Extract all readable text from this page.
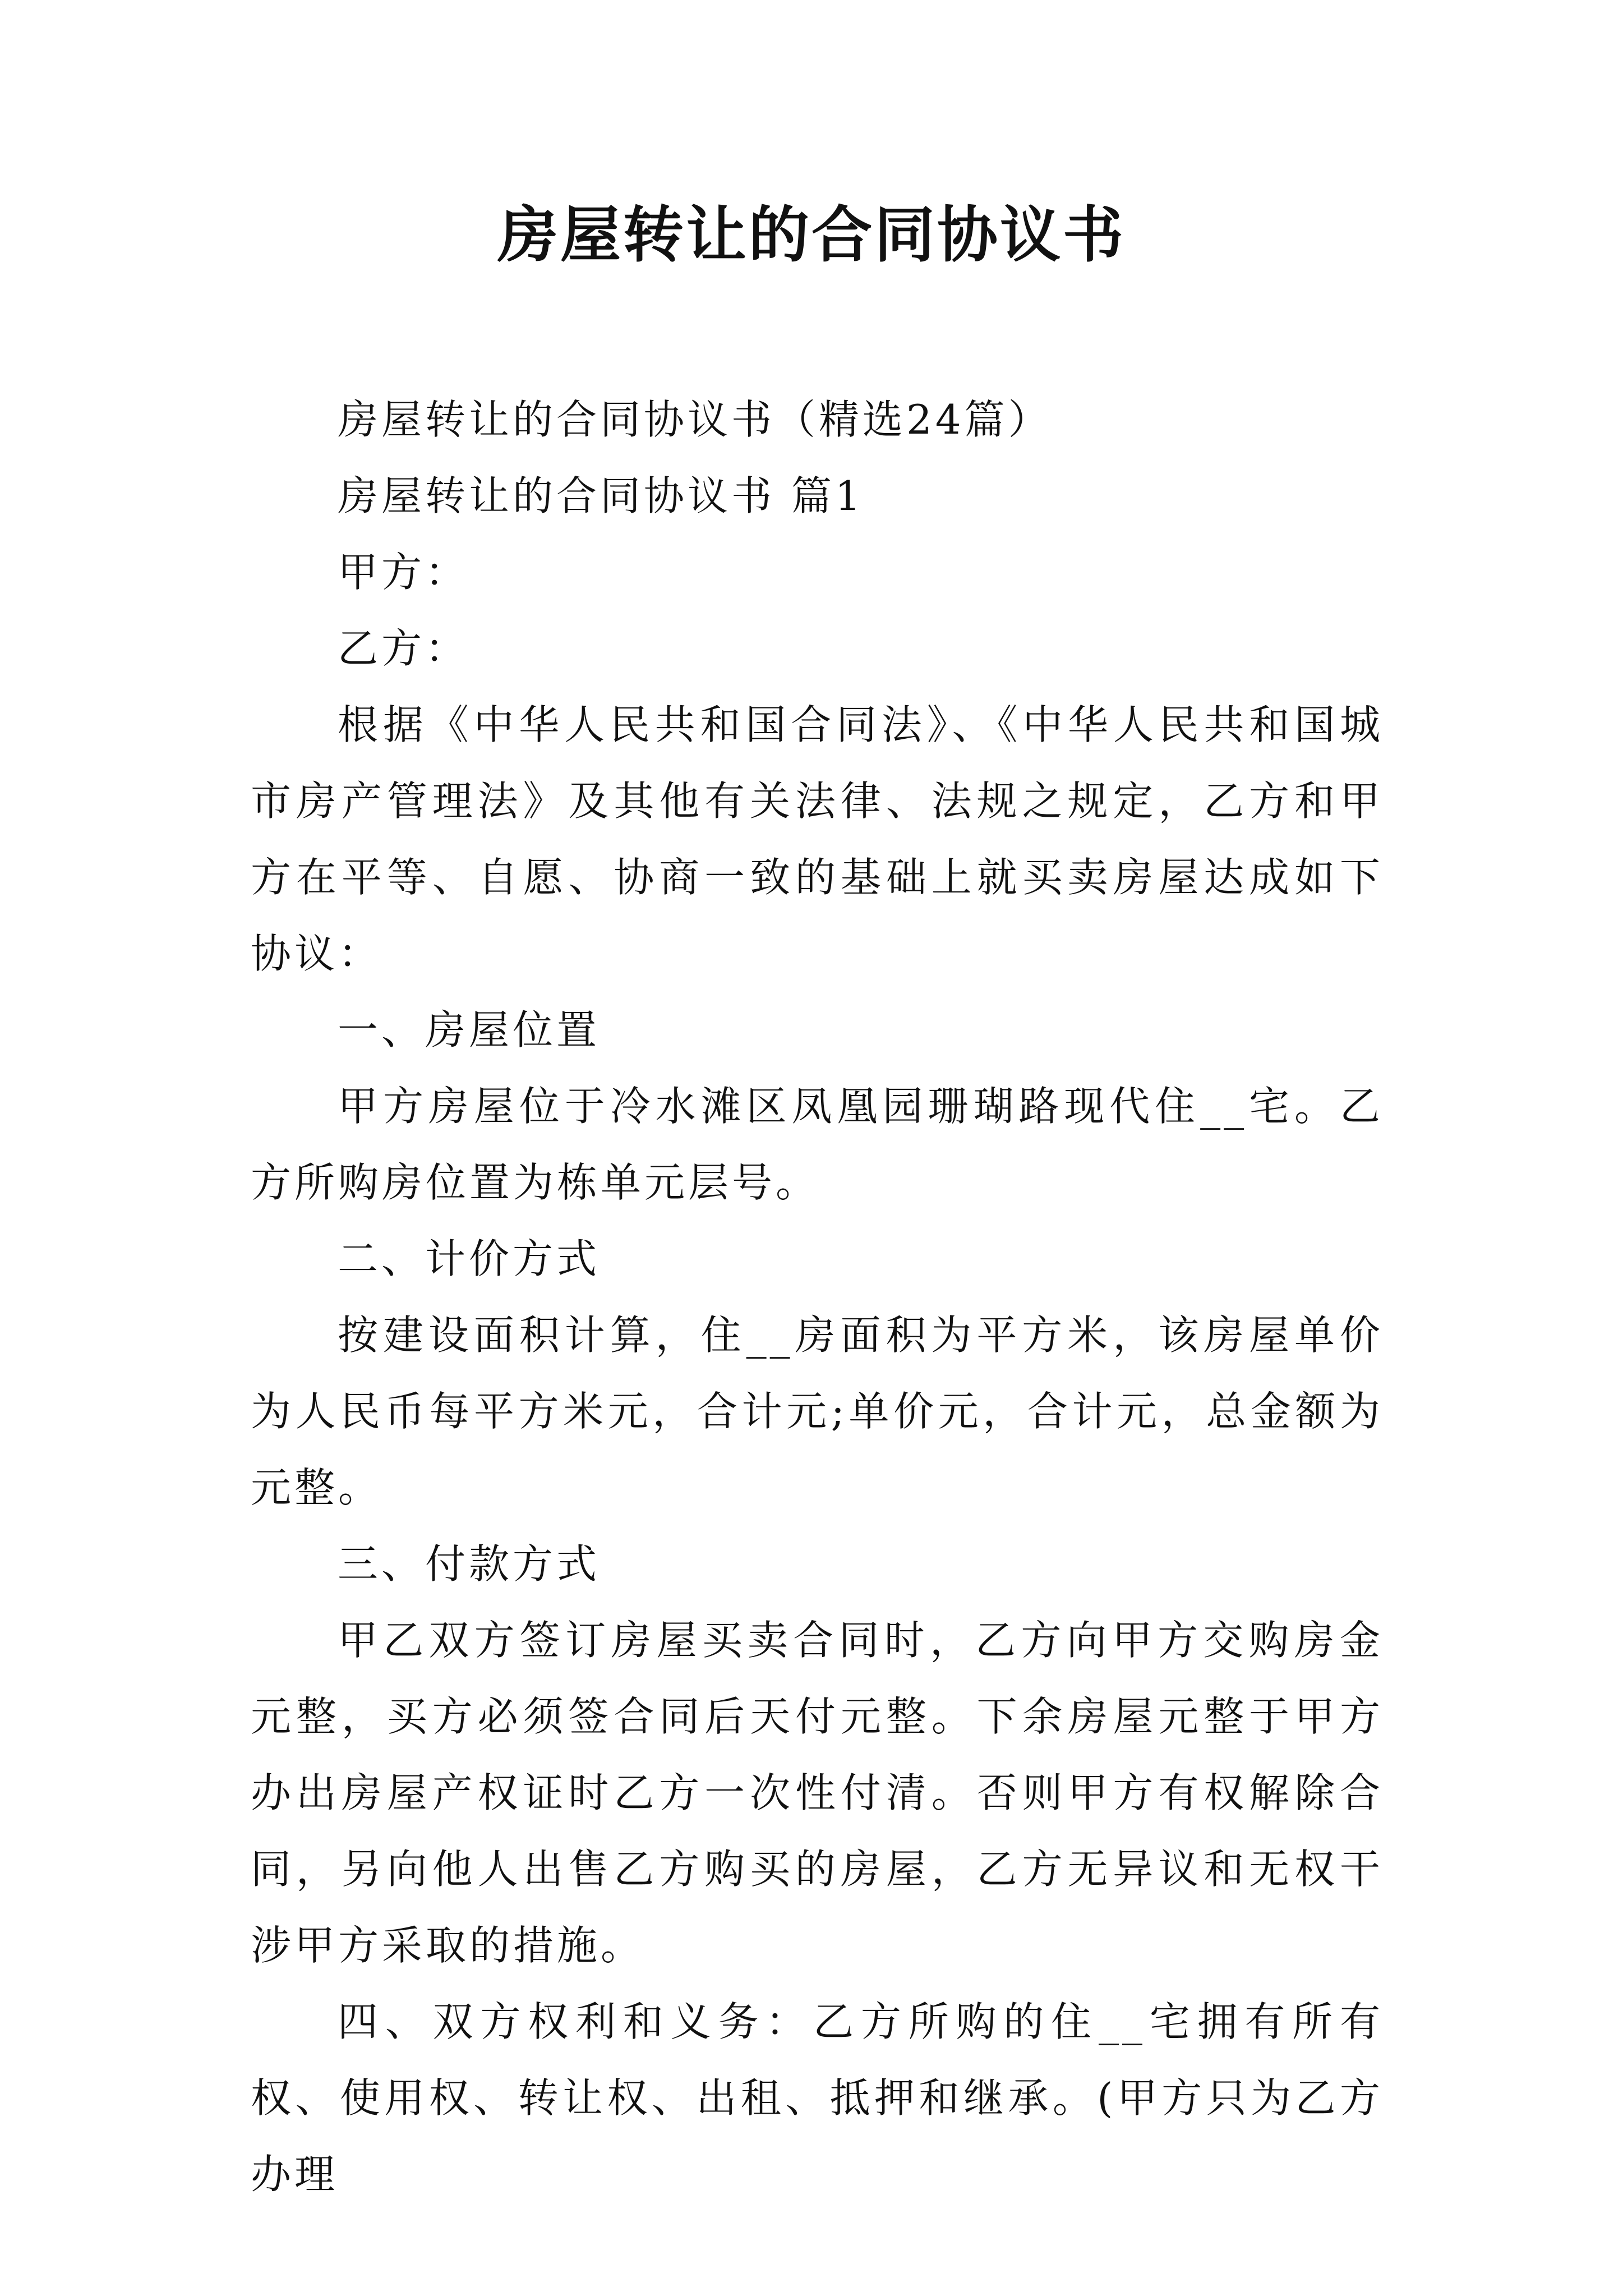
房屋转让的合同协议书

房屋转让的合同协议书（精选24篇）

房屋转让的合同协议书 篇1

甲方：

乙方：

根据《中华人民共和国合同法》、《中华人民共和国城市房产管理法》及其他有关法律、法规之规定，乙方和甲方在平等、自愿、协商一致的基础上就买卖房屋达成如下协议：

一、房屋位置

甲方房屋位于冷水滩区凤凰园珊瑚路现代住__宅。乙方所购房位置为栋单元层号。

二、计价方式

按建设面积计算，住__房面积为平方米，该房屋单价为人民币每平方米元，合计元;单价元，合计元，总金额为元整。

三、付款方式

甲乙双方签订房屋买卖合同时，乙方向甲方交购房金元整，买方必须签合同后天付元整。下余房屋元整于甲方办出房屋产权证时乙方一次性付清。否则甲方有权解除合同，另向他人出售乙方购买的房屋，乙方无异议和无权干涉甲方采取的措施。

四、双方权利和义务：乙方所购的住__宅拥有所有权、使用权、转让权、出租、抵押和继承。(甲方只为乙方办理
